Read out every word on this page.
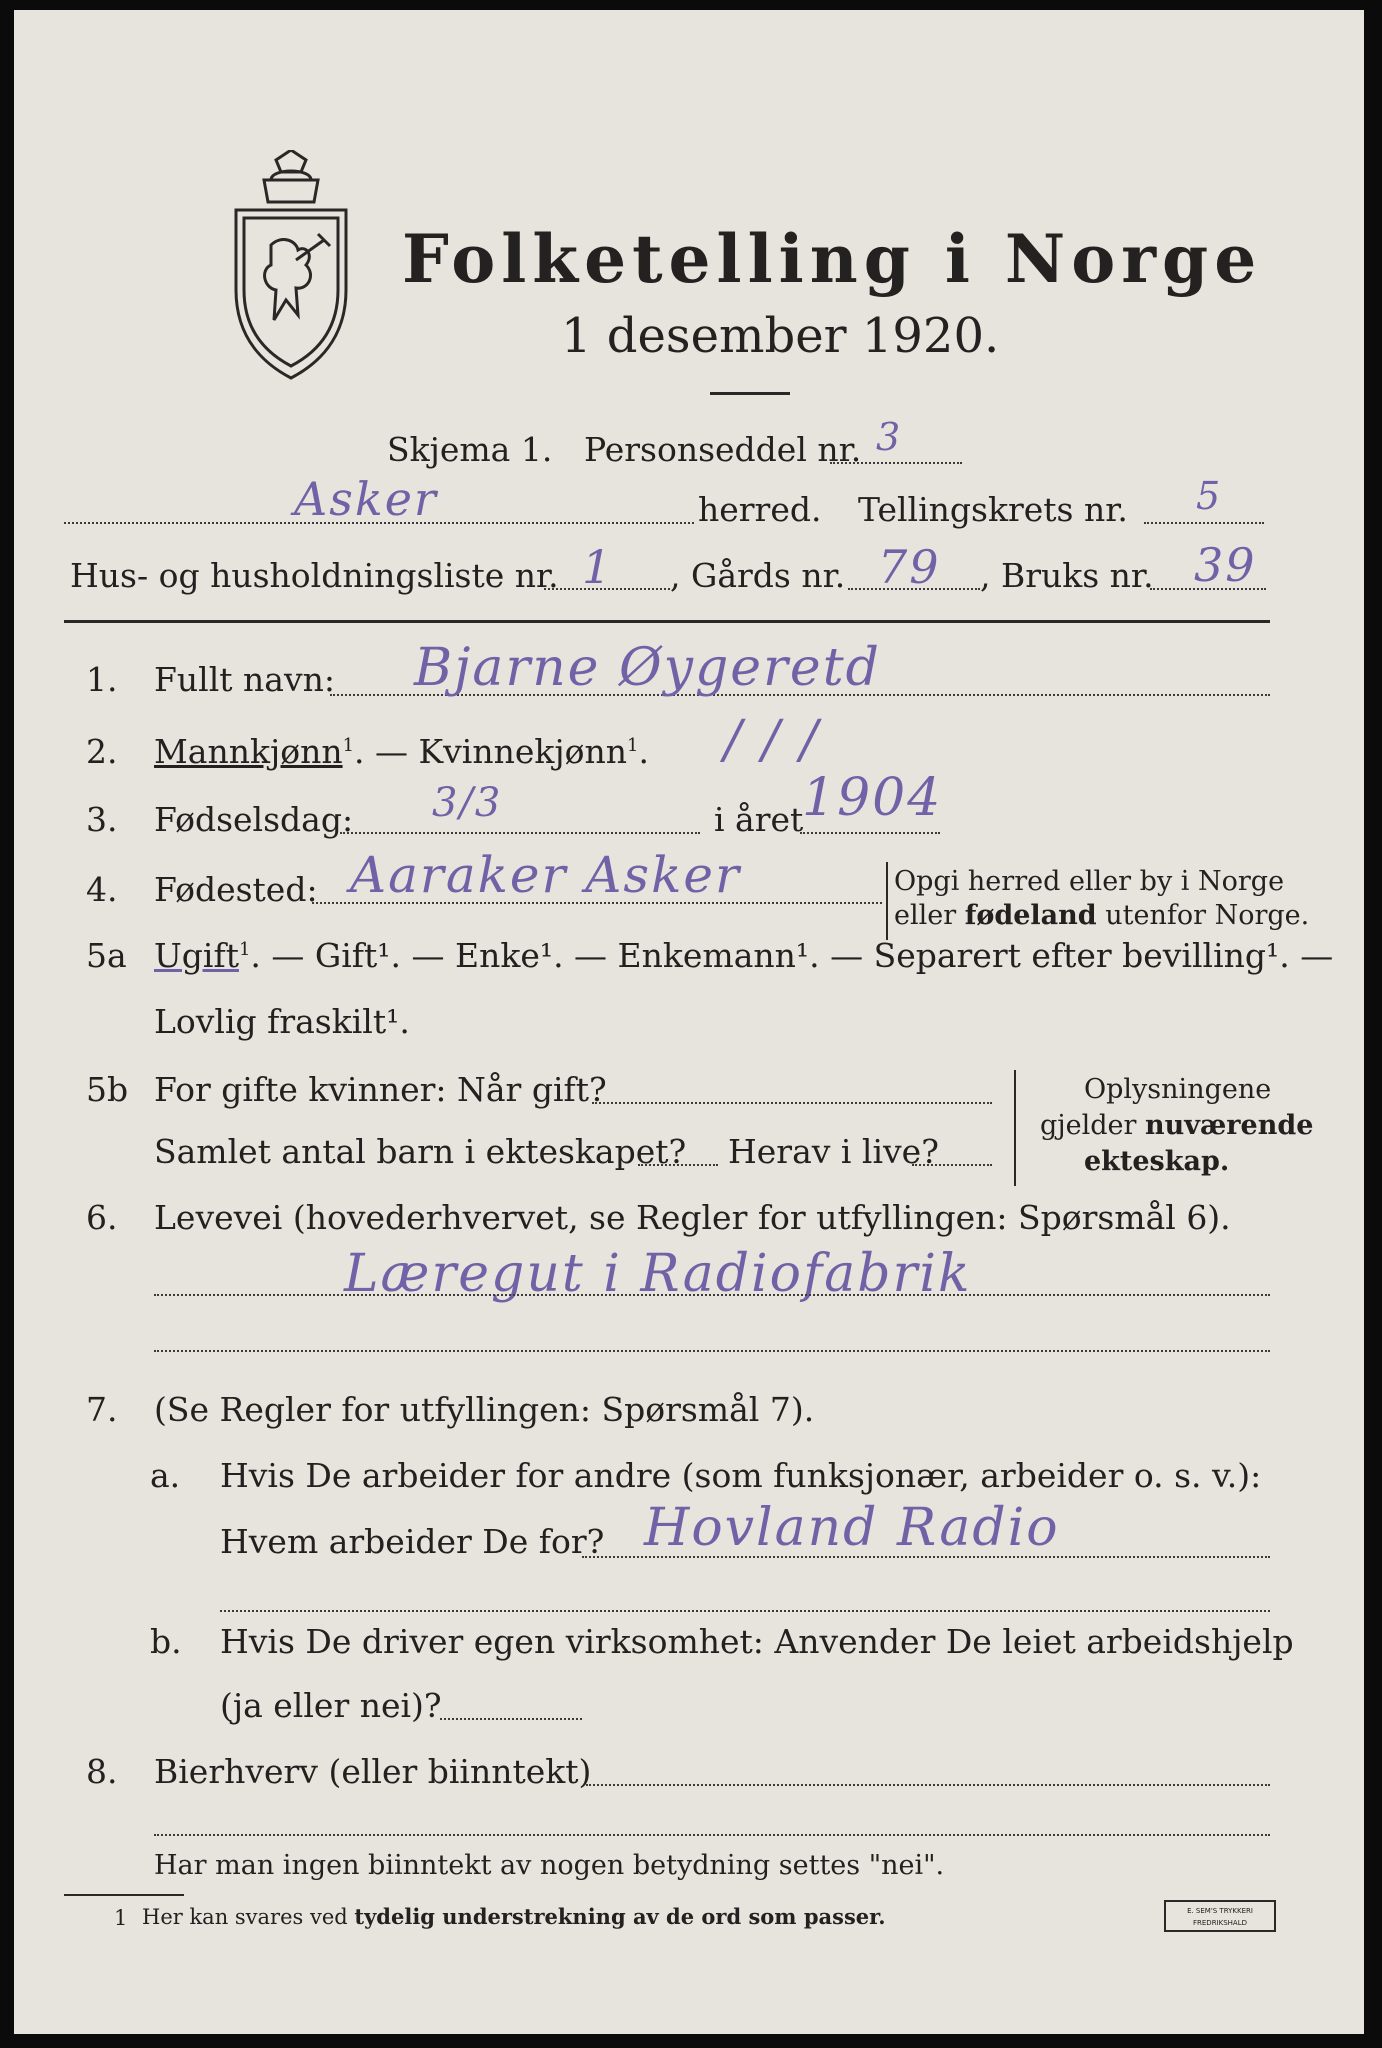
Folketelling i Norge
1 desember 1920.
Skjema 1. Personseddel nr. 3
Asker	herred. Tellingskrets nr. 5
Hus- og husholdningsliste nr. 1 , Gårds nr. 79 , Bruks nr. 39
1. Fullt navn: Bjarne Øygeretd
2. Mannkjønn$^1$. — Kvinnekjønn$^1$. / / /
3. Fødselsdag: 3/3	i året
1904
4. Fødested: Aaraker Asker	Opgi herred eller by i Norge
eller fødeland utenfor Norge.
5a Ugift$^1$. — Gift¹. — Enke¹. — Enkemann¹. — Separert efter bevilling¹. —
Lovlig fraskilt¹.
5b For gifte kvinner: Når gift?
Samlet antal barn i ekteskapet? Herav i live?
Oplysningene
gjelder nuværende
ekteskap.
6. Levevei (hovederhvervet, se Regler for utfyllingen: Spørsmål 6).
Læregut i Radiofabrik
7. (Se Regler for utfyllingen: Spørsmål 7).
a. Hvis De arbeider for andre (som funksjonær, arbeider o. s. v.):
Hvem arbeider De for? Hovland Radio
b. Hvis De driver egen virksomhet: Anvender De leiet arbeidshjelp
(ja eller nei)?
8. Bierhverv (eller biinntekt)
Har man ingen biinntekt av nogen betydning settes "nei".
1 Her kan svares ved tydelig understrekning av de ord som passer.	E. SEM'S TRYKKERI
FREDRIKSHALD
